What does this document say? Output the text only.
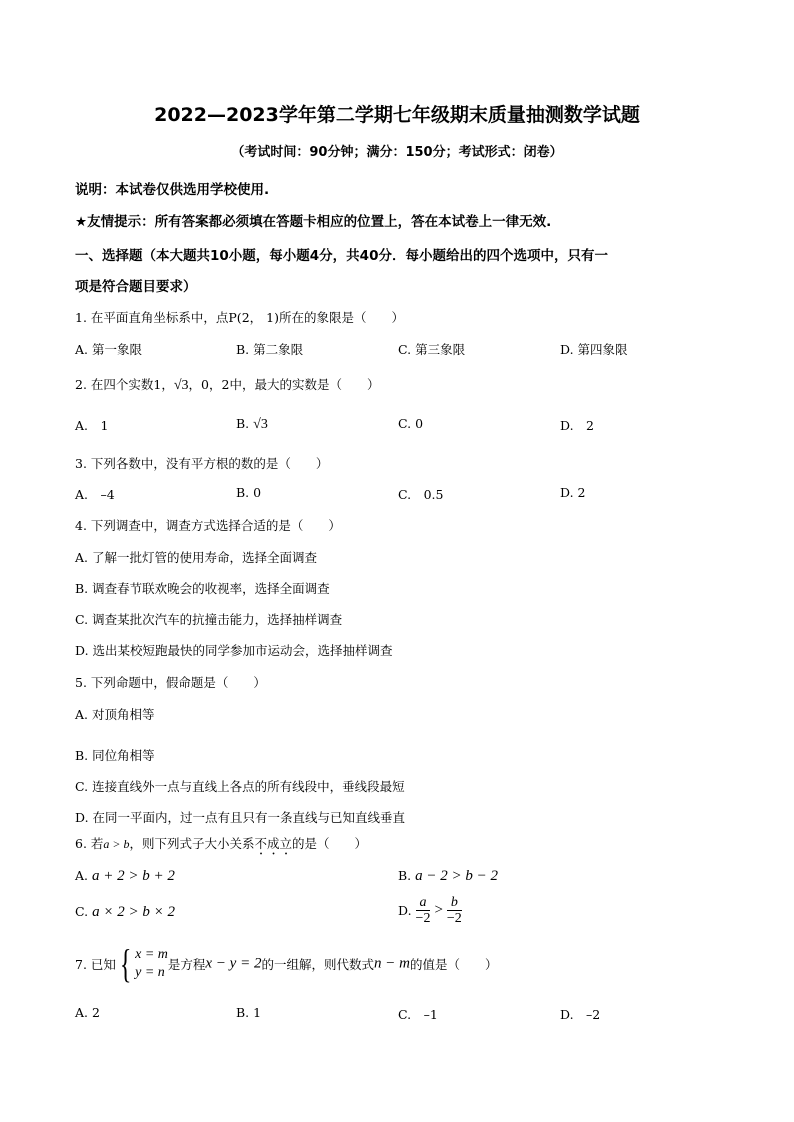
2022—2023学年第二学期七年级期末质量抽测数学试题
（考试时间：90分钟；满分：150分；考试形式：闭卷）
说明：本试卷仅供选用学校使用.
★友情提示：所有答案都必须填在答题卡相应的位置上，答在本试卷上一律无效.
一、选择题（本大题共10小题，每小题4分，共40分．每小题给出的四个选项中，只有一
项是符合题目要求）
1. 在平面直角坐标系中，点P(2， 1)所在的象限是（　　）
A. 第一象限	B. 第二象限	C. 第三象限	D. 第四象限
2. 在四个实数1，√3，0，2中，最大的实数是（　　）
A.　1	B. √3	C. 0	D.　2
3. 下列各数中，没有平方根的数的是（　　）
A.　–4	B. 0	C.　0.5	D. 2
4. 下列调查中，调查方式选择合适的是（　　）
A. 了解一批灯管的使用寿命，选择全面调查
B. 调查春节联欢晚会的收视率，选择全面调查
C. 调查某批次汽车的抗撞击能力，选择抽样调查
D. 选出某校短跑最快的同学参加市运动会，选择抽样调查
5. 下列命题中，假命题是（　　）
A. 对顶角相等
B. 同位角相等
C. 连接直线外一点与直线上各点的所有线段中，垂线段最短
D. 在同一平面内，过一点有且只有一条直线与已知直线垂直
6. 若a > b，则下列式子大小关系不成立的是（　　）
A. a + 2 > b + 2	B. a − 2 > b − 2
C. a × 2 > b × 2	D. $\frac{a}{-2} > \frac{b}{-2}$
7. 已知{ x = m
y = n
是方程x − y = 2的一组解，则代数式n − m的值是（　　）
A. 2	B. 1	C.　–1	D.　–2
